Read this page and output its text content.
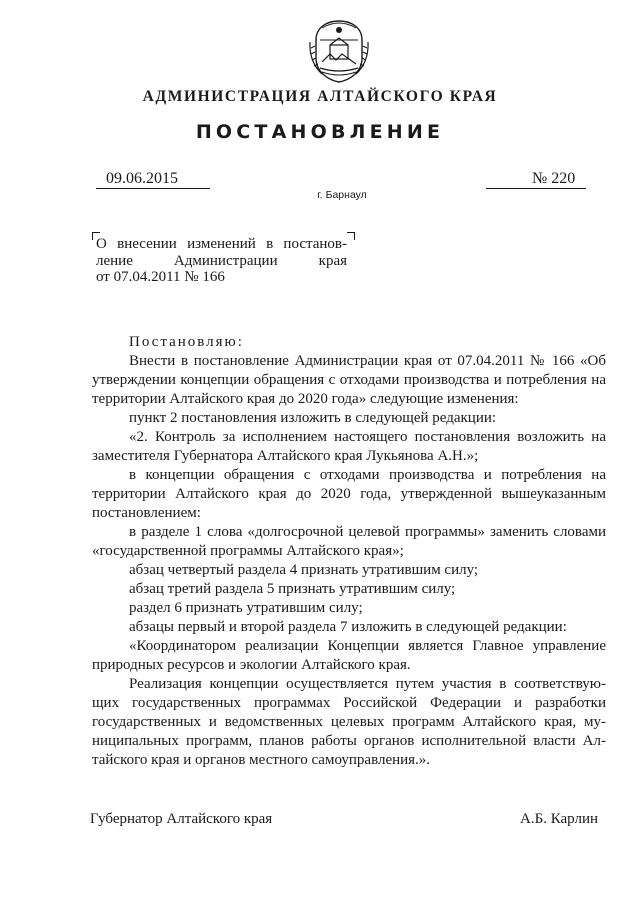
АДМИНИСТРАЦИЯ АЛТАЙСКОГО КРАЯ
ПОСТАНОВЛЕНИЕ
09.06.2015	№ 220
г. Барнаул
О внесении изменений в постанов-
ление Администрации края
от 07.04.2011 № 166

Постановляю:

Внести в постановление Администрации края от 07.04.2011 № 166 «Об утверждении концепции обращения с отходами производства и потребления на территории Алтайского края до 2020 года» следующие изменения:

пункт 2 постановления изложить в следующей редакции:

«2. Контроль за исполнением настоящего постановления возложить на заместителя Губернатора Алтайского края Лукьянова А.Н.»;

в концепции обращения с отходами производства и потребления на территории Алтайского края до 2020 года, утвержденной вышеуказанным постановлением:

в разделе 1 слова «долгосрочной целевой программы» заменить словами «государственной программы Алтайского края»;

абзац четвертый раздела 4 признать утратившим силу;

абзац третий раздела 5 признать утратившим силу;

раздел 6 признать утратившим силу;

абзацы первый и второй раздела 7 изложить в следующей редакции:

«Координатором реализации Концепции является Главное управление природных ресурсов и экологии Алтайского края.

Реализация концепции осуществляется путем участия в соответствую-щих государственных программах Российской Федерации и разработки государственных и ведомственных целевых программ Алтайского края, му-ниципальных программ, планов работы органов исполнительной власти Ал-тайского края и органов местного самоуправления.».

Губернатор Алтайского края	А.Б. Карлин
